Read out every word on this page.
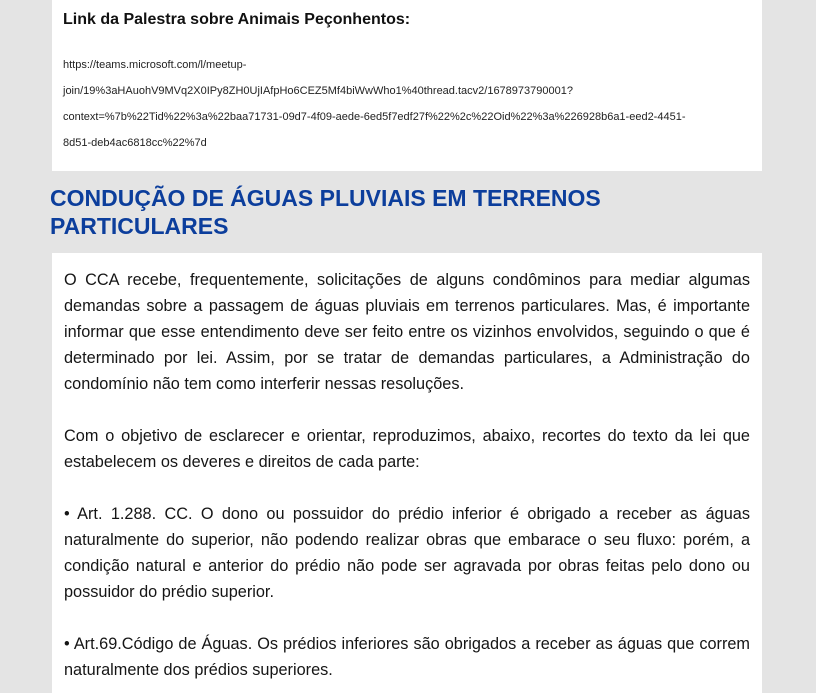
Link da Palestra sobre Animais Peçonhentos:

https://teams.microsoft.com/l/meetup-
join/19%3aHAuohV9MVq2X0IPy8ZH0UjIAfpHo6CEZ5Mf4biWwWho1%40thread.tacv2/1678973790001?
context=%7b%22Tid%22%3a%22baa71731-09d7-4f09-aede-6ed5f7edf27f%22%2c%22Oid%22%3a%226928b6a1-eed2-4451-
8d51-deb4ac6818cc%22%7d
CONDUÇÃO DE ÁGUAS PLUVIAIS EM TERRENOS PARTICULARES

O CCA recebe, frequentemente, solicitações de alguns condôminos para mediar algumas demandas sobre a passagem de águas pluviais em terrenos particulares. Mas, é importante informar que esse entendimento deve ser feito entre os vizinhos envolvidos, seguindo o que é determinado por lei. Assim, por se tratar de demandas particulares, a Administração do condomínio não tem como interferir nessas resoluções.

Com o objetivo de esclarecer e orientar, reproduzimos, abaixo, recortes do texto da lei que estabelecem os deveres e direitos de cada parte:

• Art. 1.288. CC. O dono ou possuidor do prédio inferior é obrigado a receber as águas naturalmente do superior, não podendo realizar obras que embarace o seu fluxo: porém, a condição natural e anterior do prédio não pode ser agravada por obras feitas pelo dono ou possuidor do prédio superior.

• Art.69.Código de Águas. Os prédios inferiores são obrigados a receber as águas que correm naturalmente dos prédios superiores.
